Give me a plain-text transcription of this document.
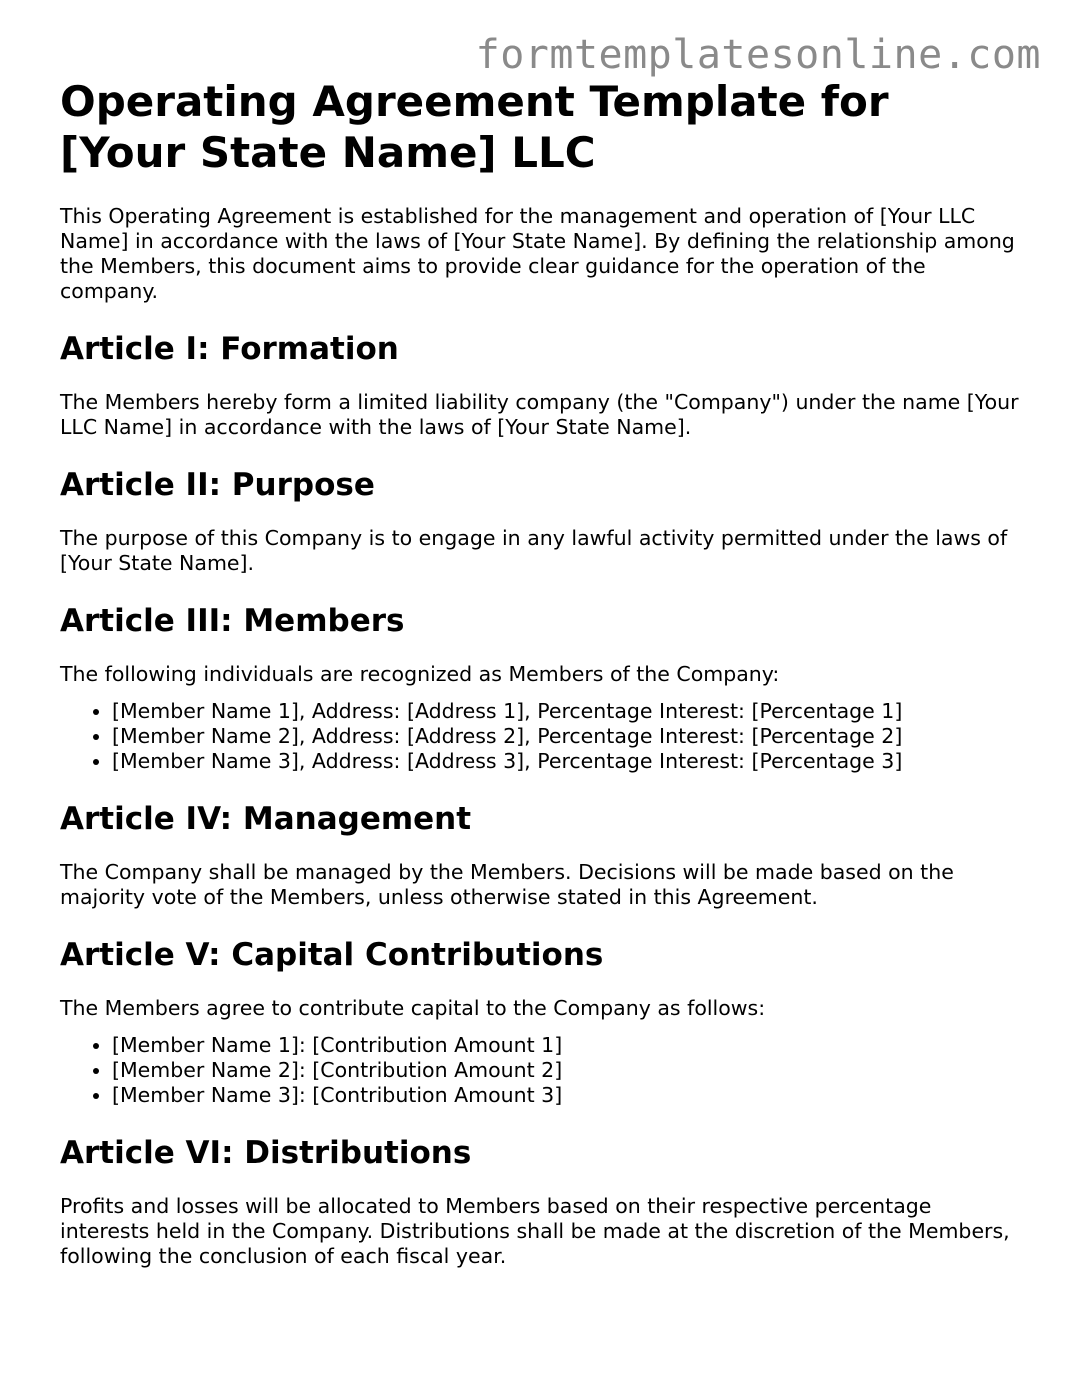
formtemplatesonline.com
Operating Agreement Template for [Your State Name] LLC

This Operating Agreement is established for the management and operation of [Your LLC Name] in accordance with the laws of [Your State Name]. By defining the relationship among the Members, this document aims to provide clear guidance for the operation of the company.

Article I: Formation

The Members hereby form a limited liability company (the "Company") under the name [Your LLC Name] in accordance with the laws of [Your State Name].

Article II: Purpose

The purpose of this Company is to engage in any lawful activity permitted under the laws of [Your State Name].

Article III: Members

The following individuals are recognized as Members of the Company:

• [Member Name 1], Address: [Address 1], Percentage Interest: [Percentage 1]
• [Member Name 2], Address: [Address 2], Percentage Interest: [Percentage 2]
• [Member Name 3], Address: [Address 3], Percentage Interest: [Percentage 3]
Article IV: Management

The Company shall be managed by the Members. Decisions will be made based on the majority vote of the Members, unless otherwise stated in this Agreement.

Article V: Capital Contributions

The Members agree to contribute capital to the Company as follows:

• [Member Name 1]: [Contribution Amount 1]
• [Member Name 2]: [Contribution Amount 2]
• [Member Name 3]: [Contribution Amount 3]
Article VI: Distributions

Profits and losses will be allocated to Members based on their respective percentage interests held in the Company. Distributions shall be made at the discretion of the Members, following the conclusion of each fiscal year.
